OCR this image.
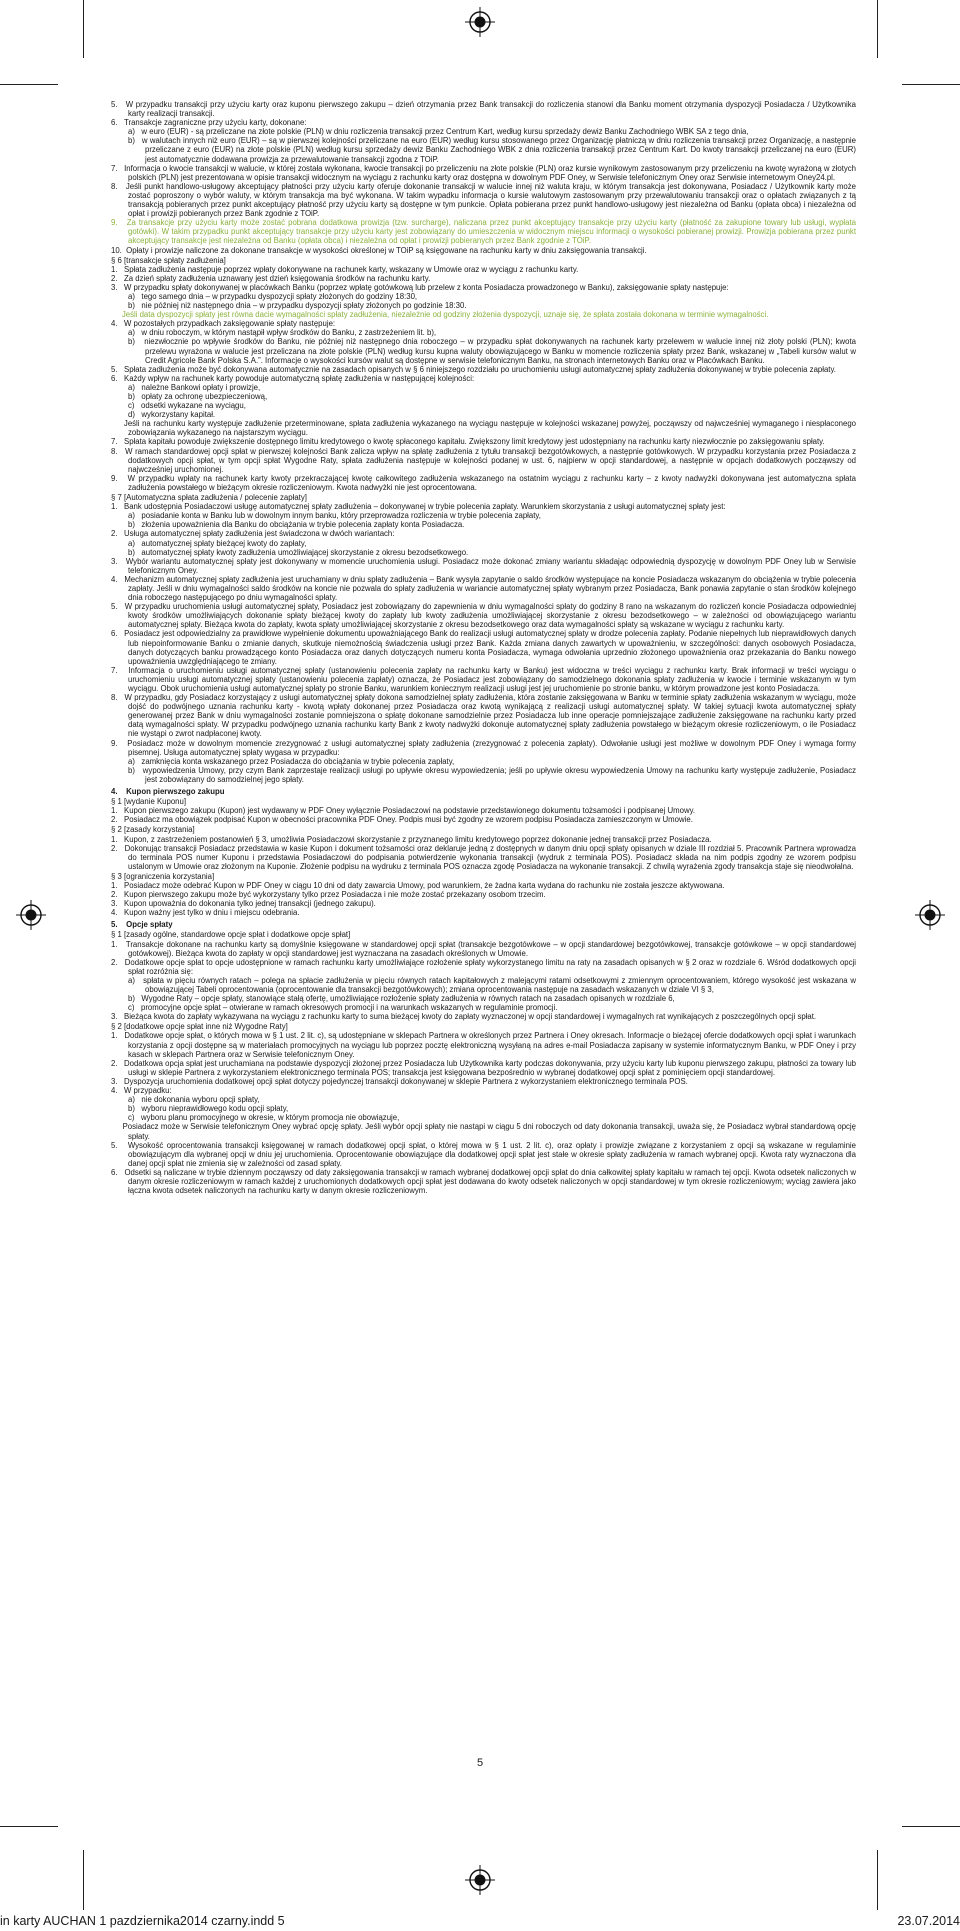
5.   W przypadku transakcji przy użyciu karty oraz kuponu pierwszego zakupu – dzień otrzymania przez Bank transakcji do rozliczenia stanowi dla Banku moment otrzymania dyspozycji Posiadacza / Użytkownika karty realizacji transakcji.

6.   Transakcje zagraniczne przy użyciu karty, dokonane:

a)   w euro (EUR) - są przeliczane na złote polskie (PLN) w dniu rozliczenia transakcji przez Centrum Kart, według kursu sprzedaży dewiz Banku Zachodniego WBK SA z tego dnia,

b)   w walutach innych niż euro (EUR) – są w pierwszej kolejności przeliczane na euro (EUR) według kursu stosowanego przez Organizację płatniczą w dniu rozliczenia transakcji przez Organizację, a następnie przeliczane z euro (EUR) na złote polskie (PLN) według kursu sprzedaży dewiz Banku Zachodniego WBK z dnia rozliczenia transakcji przez Centrum Kart. Do kwoty transakcji przeliczanej na euro (EUR) jest automatycznie dodawana prowizja za przewalutowanie transakcji zgodna z TOiP.

7.   Informacja o kwocie transakcji w walucie, w której została wykonana, kwocie transakcji po przeliczeniu na złote polskie (PLN) oraz kursie wynikowym zastosowanym przy przeliczeniu na kwotę wyrażoną w złotych polskich (PLN) jest prezentowana w opisie transakcji widocznym na wyciągu z rachunku karty oraz dostępna w dowolnym PDF Oney, w Serwisie telefonicznym Oney oraz Serwisie internetowym Oney24.pl.

8.   Jeśli punkt handlowo-usługowy akceptujący płatności przy użyciu karty oferuje dokonanie transakcji w walucie innej niż waluta kraju, w którym transakcja jest dokonywana, Posiadacz / Użytkownik karty może zostać poproszony o wybór waluty, w którym transakcja ma być wykonana. W takim wypadku informacja o kursie walutowym zastosowanym przy przewalutowaniu transakcji oraz o opłatach związanych z tą transakcją pobieranych przez punkt akceptujący płatność przy użyciu karty są dostępne w tym punkcie. Opłata pobierana przez punkt handlowo-usługowy jest niezależna od Banku (opłata obca) i niezależna od opłat i prowizji pobieranych przez Bank zgodnie z TOiP.

9.   Za transakcje przy użyciu karty może zostać pobrana dodatkowa prowizja (tzw. surcharge), naliczana przez punkt akceptujący transakcje przy użyciu karty (płatność za zakupione towary lub usługi, wypłata gotówki). W takim przypadku punkt akceptujący transakcje przy użyciu karty jest zobowiązany do umieszczenia w widocznym miejscu informacji o wysokości pobieranej prowizji. Prowizja pobierana przez punkt akceptujący transakcje jest niezależna od Banku (opłata obca) i niezależna od opłat i prowizji pobieranych przez Bank zgodnie z TOiP.

10.  Opłaty i prowizje naliczone za dokonane transakcje w wysokości określonej w TOiP są księgowane na rachunku karty w dniu zaksięgowania transakcji.

§ 6 [transakcje spłaty zadłużenia]

1.   Spłata zadłużenia następuje poprzez wpłaty dokonywane na rachunek karty, wskazany w Umowie oraz w wyciągu z rachunku karty.

2.   Za dzień spłaty zadłużenia uznawany jest dzień księgowania środków na rachunku karty.

3.   W przypadku spłaty dokonywanej w placówkach Banku (poprzez wpłatę gotówkową lub przelew z konta Posiadacza prowadzonego w Banku), zaksięgowanie spłaty następuje:

a)   tego samego dnia – w przypadku dyspozycji spłaty złożonych do godziny 18:30,

b)   nie później niż następnego dnia – w przypadku dyspozycji spłaty złożonych po godzinie 18:30.

Jeśli data dyspozycji spłaty jest równa dacie wymagalności spłaty zadłużenia, niezależnie od godziny złożenia dyspozycji, uznaje się, że spłata została dokonana w terminie wymagalności.

4.   W pozostałych przypadkach zaksięgowanie spłaty następuje:

a)   w dniu roboczym, w którym nastąpił wpływ środków do Banku, z zastrzeżeniem lit. b),

b)   niezwłocznie po wpływie środków do Banku, nie później niż następnego dnia roboczego – w przypadku spłat dokonywanych na rachunek karty przelewem w walucie innej niż złoty polski (PLN); kwota przelewu wyrażona w walucie jest przeliczana na złote polskie (PLN) według kursu kupna waluty obowiązującego w Banku w momencie rozliczenia spłaty przez Bank, wskazanej w „Tabeli kursów walut w Credit Agricole Bank Polska S.A.”. Informacje o wysokości kursów walut są dostępne w serwisie telefonicznym Banku, na stronach internetowych Banku oraz w Placówkach Banku.

5.   Spłata zadłużenia może być dokonywana automatycznie na zasadach opisanych w § 6 niniejszego rozdziału po uruchomieniu usługi automatycznej spłaty zadłużenia dokonywanej w trybie polecenia zapłaty.

6.   Każdy wpływ na rachunek karty powoduje automatyczną spłatę zadłużenia w następującej kolejności:

a)   należne Bankowi opłaty i prowizje,

b)   opłaty za ochronę ubezpieczeniową,

c)   odsetki wykazane na wyciągu,

d)   wykorzystany kapitał.

Jeśli na rachunku karty występuje zadłużenie przeterminowane, spłata zadłużenia wykazanego na wyciągu następuje w kolejności wskazanej powyżej, począwszy od najwcześniej wymaganego i niespłaconego zobowiązania wykazanego na najstarszym wyciągu.

7.   Spłata kapitału powoduje zwiększenie dostępnego limitu kredytowego o kwotę spłaconego kapitału. Zwiększony limit kredytowy jest udostępniany na rachunku karty niezwłocznie po zaksięgowaniu spłaty.

8.   W ramach standardowej opcji spłat w pierwszej kolejności Bank zalicza wpływ na spłatę zadłużenia z tytułu transakcji bezgotówkowych, a następnie gotówkowych. W przypadku korzystania przez Posiadacza z dodatkowych opcji spłat, w tym opcji spłat Wygodne Raty, spłata zadłużenia następuje w kolejności podanej w ust. 6, najpierw w opcji standardowej, a następnie w opcjach dodatkowych począwszy od najwcześniej uruchomionej.

9.   W przypadku wpłaty na rachunek karty kwoty przekraczającej kwotę całkowitego zadłużenia wskazanego na ostatnim wyciągu z rachunku karty – z kwoty nadwyżki dokonywana jest automatyczna spłata zadłużenia powstałego w bieżącym okresie rozliczeniowym. Kwota nadwyżki nie jest oprocentowana.

§ 7 [Automatyczna spłata zadłużenia / polecenie zapłaty]

1.   Bank udostępnia Posiadaczowi usługę automatycznej spłaty zadłużenia – dokonywanej w trybie polecenia zapłaty. Warunkiem skorzystania z usługi automatycznej spłaty jest:

a)   posiadanie konta w Banku lub w dowolnym innym banku, który przeprowadza rozliczenia w trybie polecenia zapłaty,

b)   złożenia upoważnienia dla Banku do obciążania w trybie polecenia zapłaty konta Posiadacza.

2.   Usługa automatycznej spłaty zadłużenia jest świadczona w dwóch wariantach:

a)   automatycznej spłaty bieżącej kwoty do zapłaty,

b)   automatycznej spłaty kwoty zadłużenia umożliwiającej skorzystanie z okresu bezodsetkowego.

3.   Wybór wariantu automatycznej spłaty jest dokonywany w momencie uruchomienia usługi. Posiadacz może dokonać zmiany wariantu składając odpowiednią dyspozycję w dowolnym PDF Oney lub w Serwisie telefonicznym Oney.

4.   Mechanizm automatycznej spłaty zadłużenia jest uruchamiany w dniu spłaty zadłużenia – Bank wysyła zapytanie o saldo środków występujące na koncie Posiadacza wskazanym do obciążenia w trybie polecenia zapłaty. Jeśli w dniu wymagalności saldo środków na koncie nie pozwala do spłaty zadłużenia w wariancie automatycznej spłaty wybranym przez Posiadacza, Bank ponawia zapytanie o stan środków kolejnego dnia roboczego następującego po dniu wymagalności spłaty.

5.   W przypadku uruchomienia usługi automatycznej spłaty, Posiadacz jest zobowiązany do zapewnienia w dniu wymagalności spłaty do godziny 8 rano na wskazanym do rozliczeń koncie Posiadacza odpowiedniej kwoty środków umożliwiających dokonanie spłaty bieżącej kwoty do zapłaty lub kwoty zadłużenia umożliwiającej skorzystanie z okresu bezodsetkowego – w zależności od obowiązującego wariantu automatycznej spłaty. Bieżąca kwota do zapłaty, kwota spłaty umożliwiającej skorzystanie z okresu bezodsetkowego oraz data wymagalności spłaty są wskazane w wyciągu z rachunku karty.

6.   Posiadacz jest odpowiedzialny za prawidłowe wypełnienie dokumentu upoważniającego Bank do realizacji usługi automatycznej spłaty w drodze polecenia zapłaty. Podanie niepełnych lub nieprawidłowych danych lub niepoinformowanie Banku o zmianie danych, skutkuje niemożnością świadczenia usługi przez Bank. Każda zmiana danych zawartych w upoważnieniu, w szczególności: danych osobowych Posiadacza, danych dotyczących banku prowadzącego konto Posiadacza oraz danych dotyczących numeru konta Posiadacza, wymaga odwołania uprzednio złożonego upoważnienia oraz przekazania do Banku nowego upoważnienia uwzględniającego te zmiany.

7.   Informacja o uruchomieniu usługi automatycznej spłaty (ustanowieniu polecenia zapłaty na rachunku karty w Banku) jest widoczna w treści wyciągu z rachunku karty. Brak informacji w treści wyciągu o uruchomieniu usługi automatycznej spłaty (ustanowieniu polecenia zapłaty) oznacza, że Posiadacz jest zobowiązany do samodzielnego dokonania spłaty zadłużenia w kwocie i terminie wskazanym w tym wyciągu. Obok uruchomienia usługi automatycznej spłaty po stronie Banku, warunkiem koniecznym realizacji usługi jest jej uruchomienie po stronie banku, w którym prowadzone jest konto Posiadacza.

8.   W przypadku, gdy Posiadacz korzystający z usługi automatycznej spłaty dokona samodzielnej spłaty zadłużenia, która zostanie zaksięgowana w Banku w terminie spłaty zadłużenia wskazanym w wyciągu, może dojść do podwójnego uznania rachunku karty - kwotą wpłaty dokonanej przez Posiadacza oraz kwotą wynikającą z realizacji usługi automatycznej spłaty. W takiej sytuacji kwota automatycznej spłaty generowanej przez Bank w dniu wymagalności zostanie pomniejszona o spłatę dokonane samodzielnie przez Posiadacza lub inne operacje pomniejszające zadłużenie zaksięgowane na rachunku karty przed datą wymagalności spłaty. W przypadku podwójnego uznania rachunku karty Bank z kwoty nadwyżki dokonuje automatycznej spłaty zadłużenia powstałego w bieżącym okresie rozliczeniowym, o ile Posiadacz nie wystąpi o zwrot nadpłaconej kwoty.

9.   Posiadacz może w dowolnym momencie zrezygnować z usługi automatycznej spłaty zadłużenia (zrezygnować z polecenia zapłaty). Odwołanie usługi jest możliwe w dowolnym PDF Oney i wymaga formy pisemnej. Usługa automatycznej spłaty wygasa w przypadku:

a)   zamknięcia konta wskazanego przez Posiadacza do obciążania w trybie polecenia zapłaty,

b)   wypowiedzenia Umowy, przy czym Bank zaprzestaje realizacji usługi po upływie okresu wypowiedzenia; jeśli po upływie okresu wypowiedzenia Umowy na rachunku karty występuje zadłużenie, Posiadacz jest zobowiązany do samodzielnej jego spłaty.

4.    Kupon pierwszego zakupu

§ 1 [wydanie Kuponu]

1.   Kupon pierwszego zakupu (Kupon) jest wydawany w PDF Oney wyłącznie Posiadaczowi na podstawie przedstawionego dokumentu tożsamości i podpisanej Umowy.

2.   Posiadacz ma obowiązek podpisać Kupon w obecności pracownika PDF Oney. Podpis musi być zgodny ze wzorem podpisu Posiadacza zamieszczonym w Umowie.

§ 2 [zasady korzystania]

1.   Kupon, z zastrzeżeniem postanowień § 3, umożliwia Posiadaczowi skorzystanie z przyznanego limitu kredytowego poprzez dokonanie jednej transakcji przez Posiadacza.

2.   Dokonując transakcji Posiadacz przedstawia w kasie Kupon i dokument tożsamości oraz deklaruje jedną z dostępnych w danym dniu opcji spłaty opisanych w dziale III rozdział 5. Pracownik Partnera wprowadza do terminala POS numer Kuponu i przedstawia Posiadaczowi do podpisania potwierdzenie wykonania transakcji (wydruk z terminala POS). Posiadacz składa na nim podpis zgodny ze wzorem podpisu ustalonym w Umowie oraz złożonym na Kuponie. Złożenie podpisu na wydruku z terminala POS oznacza zgodę Posiadacza na wykonanie transakcji. Z chwilą wyrażenia zgody transakcja staje się nieodwołalna.

§ 3 [ograniczenia korzystania]

1.   Posiadacz może odebrać Kupon w PDF Oney w ciągu 10 dni od daty zawarcia Umowy, pod warunkiem, że żadna karta wydana do rachunku nie została jeszcze aktywowana.

2.   Kupon pierwszego zakupu może być wykorzystany tylko przez Posiadacza i nie może zostać przekazany osobom trzecim.

3.   Kupon upoważnia do dokonania tylko jednej transakcji (jednego zakupu).

4.   Kupon ważny jest tylko w dniu i miejscu odebrania.

5.    Opcje spłaty

§ 1 [zasady ogólne, standardowe opcje spłat i dodatkowe opcje spłat]

1.   Transakcje dokonane na rachunku karty są domyślnie księgowane w standardowej opcji spłat (transakcje bezgotówkowe – w opcji standardowej bezgotówkowej, transakcje gotówkowe – w opcji standardowej gotówkowej). Bieżąca kwota do zapłaty w opcji standardowej jest wyznaczana na zasadach określonych w Umowie.

2.   Dodatkowe opcje spłat to opcje udostępnione w ramach rachunku karty umożliwiające rozłożenie spłaty wykorzystanego limitu na raty na zasadach opisanych w § 2 oraz w rozdziale 6. Wśród dodatkowych opcji spłat rozróżnia się:

a)   spłata w pięciu równych ratach – polega na spłacie zadłużenia w pięciu równych ratach kapitałowych z malejącymi ratami odsetkowymi z zmiennym oprocentowaniem, którego wysokość jest wskazana w obowiązującej Tabeli oprocentowania (oprocentowanie dla transakcji bezgotówkowych); zmiana oprocentowania następuje na zasadach wskazanych w dziale VI § 3,

b)   Wygodne Raty – opcje spłaty, stanowiące stałą ofertę, umożliwiające rozłożenie spłaty zadłużenia w równych ratach na zasadach opisanych w rozdziale 6,

c)   promocyjne opcje spłat – otwierane w ramach okresowych promocji i na warunkach wskazanych w regulaminie promocji.

3.   Bieżąca kwota do zapłaty wykazywana na wyciągu z rachunku karty to suma bieżącej kwoty do zapłaty wyznaczonej w opcji standardowej i wymagalnych rat wynikających z poszczególnych opcji spłat.

§ 2 [dodatkowe opcje spłat inne niż Wygodne Raty]

1.   Dodatkowe opcje spłat, o których mowa w § 1 ust. 2 lit. c), są udostępniane w sklepach Partnera w określonych przez Partnera i Oney okresach. Informacje o bieżącej ofercie dodatkowych opcji spłat i warunkach korzystania z opcji dostępne są w materiałach promocyjnych na wyciągu lub poprzez pocztę elektroniczną wysyłaną na adres e-mail Posiadacza zapisany w systemie informatycznym Banku, w PDF Oney i przy kasach w sklepach Partnera oraz w Serwisie telefonicznym Oney.

2.   Dodatkowa opcja spłat jest uruchamiana na podstawie dyspozycji złożonej przez Posiadacza lub Użytkownika karty podczas dokonywania, przy użyciu karty lub kuponu pierwszego zakupu, płatności za towary lub usługi w sklepie Partnera z wykorzystaniem elektronicznego terminala POS; transakcja jest księgowana bezpośrednio w wybranej dodatkowej opcji spłat z pominięciem opcji standardowej.

3.   Dyspozycja uruchomienia dodatkowej opcji spłat dotyczy pojedynczej transakcji dokonywanej w sklepie Partnera z wykorzystaniem elektronicznego terminala POS.

4.   W przypadku:

a)   nie dokonania wyboru opcji spłaty,

b)   wyboru nieprawidłowego kodu opcji spłaty,

c)   wyboru planu promocyjnego w okresie, w którym promocja nie obowiązuje,

Posiadacz może w Serwisie telefonicznym Oney wybrać opcję spłaty. Jeśli wybór opcji spłaty nie nastąpi w ciągu 5 dni roboczych od daty dokonania transakcji, uważa się, że Posiadacz wybrał standardową opcję spłaty.

5.   Wysokość oprocentowania transakcji księgowanej w ramach dodatkowej opcji spłat, o której mowa w § 1 ust. 2 lit. c), oraz opłaty i prowizje związane z korzystaniem z opcji są wskazane w regulaminie obowiązującym dla wybranej opcji w dniu jej uruchomienia. Oprocentowanie obowiązujące dla dodatkowej opcji spłat jest stałe w okresie spłaty zadłużenia w ramach wybranej opcji. Kwota raty wyznaczona dla danej opcji spłat nie zmienia się w zależności od zasad spłaty.

6.   Odsetki są naliczane w trybie dziennym począwszy od daty zaksięgowania transakcji w ramach wybranej dodatkowej opcji spłat do dnia całkowitej spłaty kapitału w ramach tej opcji. Kwota odsetek naliczonych w danym okresie rozliczeniowym w ramach każdej z uruchomionych dodatkowych opcji spłat jest dodawana do kwoty odsetek naliczonych w opcji standardowej w tym okresie rozliczeniowym; wyciąg zawiera jako łączna kwota odsetek naliczonych na rachunku karty w danym okresie rozliczeniowym.

5
in karty AUCHAN 1 pazdziernika2014 czarny.indd 5	23.07.2014
